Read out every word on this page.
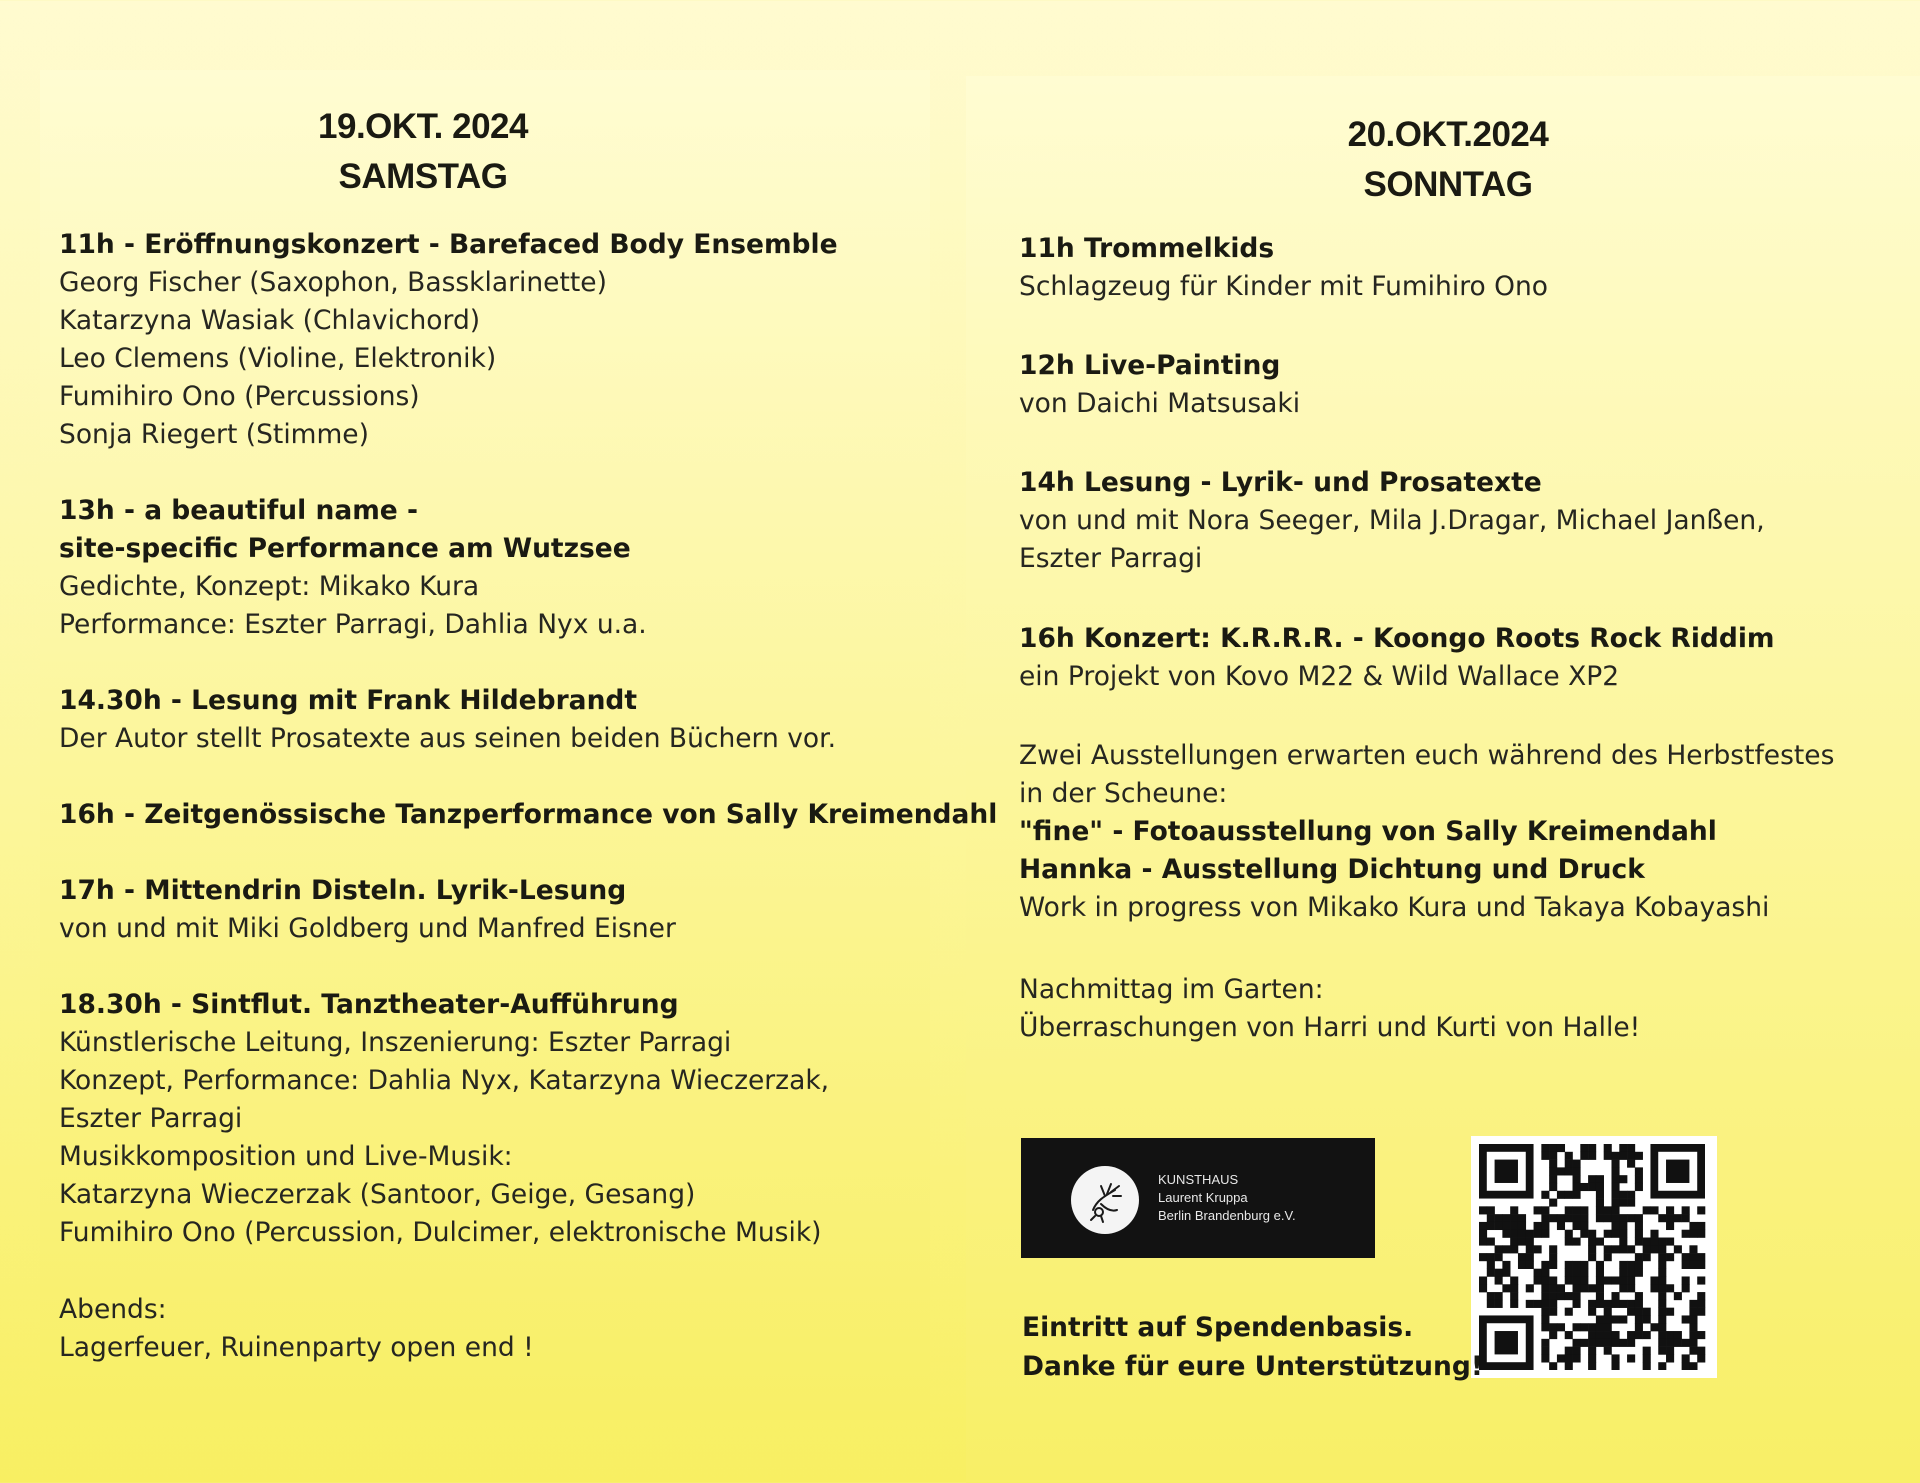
19.OKT. 2024
SAMSTAG
20.OKT.2024
SONNTAG
11h - Eröffnungskonzert - Barefaced Body Ensemble
Georg Fischer (Saxophon, Bassklarinette)
Katarzyna Wasiak (Chlavichord)
Leo Clemens (Violine, Elektronik)
Fumihiro Ono (Percussions)
Sonja Riegert (Stimme)
13h - a beautiful name -
site-specific Performance am Wutzsee
Gedichte, Konzept: Mikako Kura
Performance: Eszter Parragi, Dahlia Nyx u.a.
14.30h - Lesung mit Frank Hildebrandt
Der Autor stellt Prosatexte aus seinen beiden Büchern vor.
16h - Zeitgenössische Tanzperformance von Sally Kreimendahl
17h - Mittendrin Disteln. Lyrik-Lesung
von und mit Miki Goldberg und Manfred Eisner
18.30h - Sintflut. Tanztheater-Aufführung
Künstlerische Leitung, Inszenierung: Eszter Parragi
Konzept, Performance: Dahlia Nyx, Katarzyna Wieczerzak,
Eszter Parragi
Musikkomposition und Live-Musik:
Katarzyna Wieczerzak (Santoor, Geige, Gesang)
Fumihiro Ono (Percussion, Dulcimer, elektronische Musik)
Abends:
Lagerfeuer, Ruinenparty open end !
11h Trommelkids
Schlagzeug für Kinder mit Fumihiro Ono
12h Live-Painting
von Daichi Matsusaki
14h Lesung - Lyrik- und Prosatexte
von und mit Nora Seeger, Mila J.Dragar, Michael Janßen,
Eszter Parragi
16h Konzert: K.R.R.R. - Koongo Roots Rock Riddim
ein Projekt von Kovo M22 & Wild Wallace XP2
Zwei Ausstellungen erwarten euch während des Herbstfestes
in der Scheune:
"fine" - Fotoausstellung von Sally Kreimendahl
Hannka - Ausstellung Dichtung und Druck
Work in progress von Mikako Kura und Takaya Kobayashi
Nachmittag im Garten:
Überraschungen von Harri und Kurti von Halle!
KUNSTHAUS
Laurent Kruppa
Berlin Brandenburg e.V.
Eintritt auf Spendenbasis.
Danke für eure Unterstützung!
